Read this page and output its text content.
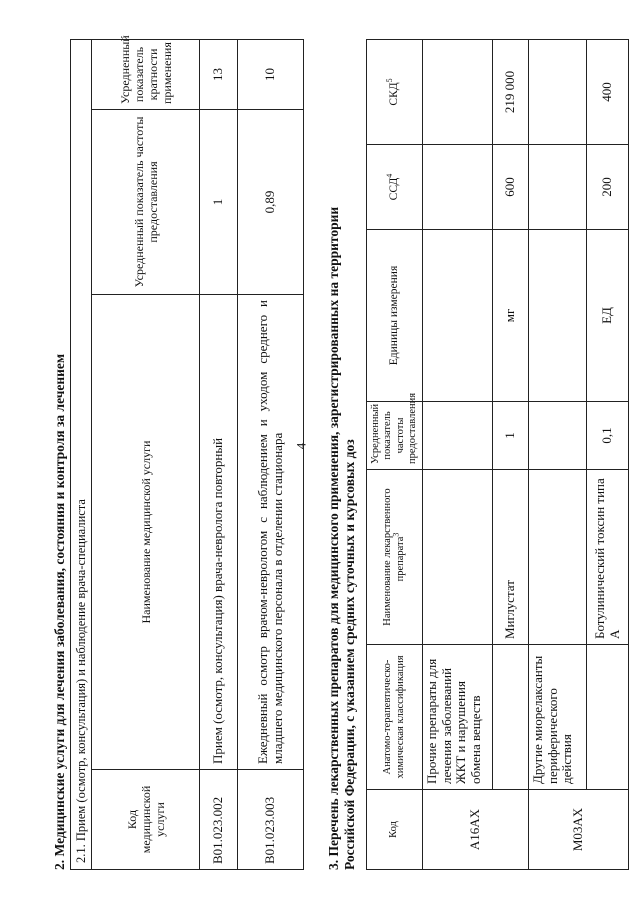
4
2. Медицинские услуги для лечения заболевания, состояния и контроля за лечением 2.1. Прием (осмотр, консультация) и наблюдение врача-специалиста			
Код медицинской услуги	Наименование медицинской услуги	Усредненный показатель частоты предоставления	Усредненный показатель кратности применения
B01.023.002	Прием (осмотр, консультация) врача-невролога повторный	1	13
B01.023.003	Ежедневный осмотр врачом-неврологом с наблюдением и уходом среднего и младшего медицинского персонала в отделении стационара	0,89	10
3. Перечень лекарственных препаратов для медицинского применения, зарегистрированных на территории Российской Федерации, с указанием средних суточных и курсовых доз	Код	Анатомо-терапевтическо-химическая классификация	Наименование лекарственного препарата$^3$	Усредненный показатель частоты предоставления	Единицы измерения	ССД$^4$	СКД$^5$
A16AX	Прочие препараты для лечения заболеваний ЖКТ и нарушения обмена веществ					
		Миглустат	1	мг	600	219 000
M03AX	Другие миорелаксанты периферического действия					
		Ботулинический токсин типа А	0,1	ЕД	200	400
